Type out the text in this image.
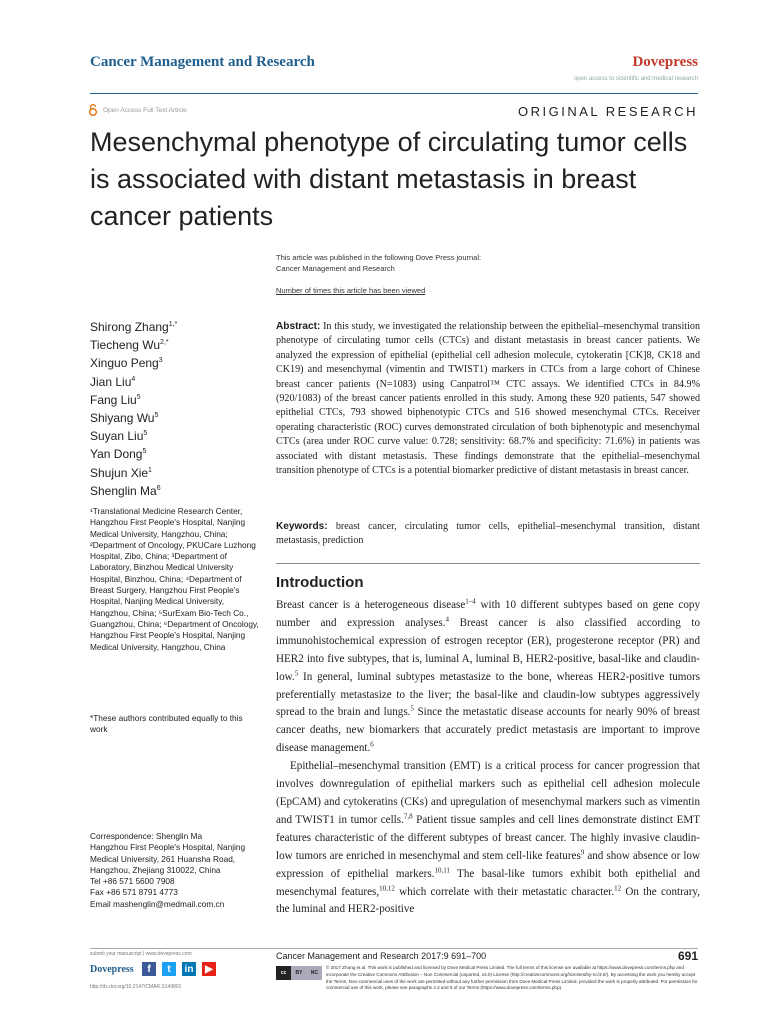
Cancer Management and Research	Dovepress
open access to scientific and medical research
Open Access Full Text Article	ORIGINAL RESEARCH
Mesenchymal phenotype of circulating tumor cells is associated with distant metastasis in breast cancer patients
This article was published in the following Dove Press journal:
Cancer Management and Research
Number of times this article has been viewed
Shirong Zhang$^{1,*}$
Tiecheng $Wu^{2,*}$
Xinguo Peng$^3$
Jian Liu$^4$
Fang Liu$^5$
Shiyang Wu$^5$
Suyan Liu$^5$
Yan Dong$^5$
Shujun Xie$^1$
Shenglin Ma$^6$
¹Translational Medicine Research Center, Hangzhou First People's Hospital, Nanjing Medical University, Hangzhou, China; ²Department of Oncology, PKUCare Luzhong Hospital, Zibo, China; ³Department of Laboratory, Binzhou Medical University Hospital, Binzhou, China; ⁴Department of Breast Surgery, Hangzhou First People's Hospital, Nanjing Medical University, Hangzhou, China; ⁵SurExam Bio-Tech Co., Guangzhou, China; ⁶Department of Oncology, Hangzhou First People's Hospital, Nanjing Medical University, Hangzhou, China
*These authors contributed equally to this work
Correspondence: Shenglin Ma
Hangzhou First People's Hospital, Nanjing
Medical University, 261 Huansha Road,
Hangzhou, Zhejiang 310022, China
Tel +86 571 5600 7908
Fax +86 571 8791 4773
Email mashenglin@medmail.com.cn
Abstract: In this study, we investigated the relationship between the epithelial–mesenchymal transition phenotype of circulating tumor cells (CTCs) and distant metastasis in breast cancer patients. We analyzed the expression of epithelial (epithelial cell adhesion molecule, cytokeratin [CK]8, CK18 and CK19) and mesenchymal (vimentin and TWIST1) markers in CTCs from a large cohort of Chinese breast cancer patients (N=1083) using Canpatrol™ CTC assays. We identified CTCs in 84.9% (920/1083) of the breast cancer patients enrolled in this study. Among these 920 patients, 547 showed epithelial CTCs, 793 showed biphenotypic CTCs and 516 showed mesenchymal CTCs. Receiver operating characteristic (ROC) curves demonstrated circulation of both biphenotypic and mesenchymal CTCs (area under ROC curve value: 0.728; sensitivity: 68.7% and specificity: 71.6%) in patients was associated with distant metastasis. These findings demonstrate that the epithelial–mesenchymal transition phenotype of CTCs is a potential biomarker predictive of distant metastasis in breast cancer.
Keywords: breast cancer, circulating tumor cells, epithelial–mesenchymal transition, distant metastasis, prediction
Introduction

Breast cancer is a heterogeneous disease$^{1-4}$ with 10 different subtypes based on gene copy number and expression analyses.$^4$ Breast cancer is also classified according to immunohistochemical expression of estrogen receptor (ER), progesterone receptor (PR) and HER2 into five subtypes, that is, luminal A, luminal B, HER2-positive, basal-like and claudin-low.$^5$ In general, luminal subtypes metastasize to the bone, whereas HER2-positive tumors preferentially metastasize to the liver; the basal-like and claudin-low subtypes aggressively spread to the brain and lungs.$^5$ Since the metastatic disease accounts for nearly 90% of breast cancer deaths, new biomarkers that accurately predict metastasis are important to improve disease management.$^6$

Epithelial–mesenchymal transition (EMT) is a critical process for cancer progression that involves downregulation of epithelial markers such as epithelial cell adhesion molecule (EpCAM) and cytokeratins (CKs) and upregulation of mesenchymal markers such as vimentin and TWIST1 in tumor cells.$^{7,8}$ Patient tissue samples and cell lines demonstrate distinct EMT features characteristic of the different subtypes of breast cancer. The highly invasive claudin-low tumors are enriched in mesenchymal and stem cell-like features$^9$ and show absence or low expression of epithelial markers.$^{10,11}$ The basal-like tumors exhibit both epithelial and mesenchymal features,$^{10,12}$ which correlate with their metastatic character.$^{12}$ On the contrary, the luminal and HER2-positive

submit your manuscript | www.dovepress.com
Dovepress	f	t	in	▶
http://dx.doi.org/10.2147/CMAR.S149801
Cancer Management and Research 2017:9 691–700	691
cc	BY	NC
© 2017 Zhang et al. This work is published and licensed by Dove Medical Press Limited. The full terms of this license are available at https://www.dovepress.com/terms.php and incorporate the Creative Commons Attribution – Non Commercial (unported, v3.0) License (http://creativecommons.org/licenses/by-nc/3.0/). By accessing the work you hereby accept the Terms. Non-commercial uses of the work are permitted without any further permission from Dove Medical Press Limited, provided the work is properly attributed. For permission for commercial use of this work, please see paragraphs 4.2 and 5 of our Terms (https://www.dovepress.com/terms.php).
